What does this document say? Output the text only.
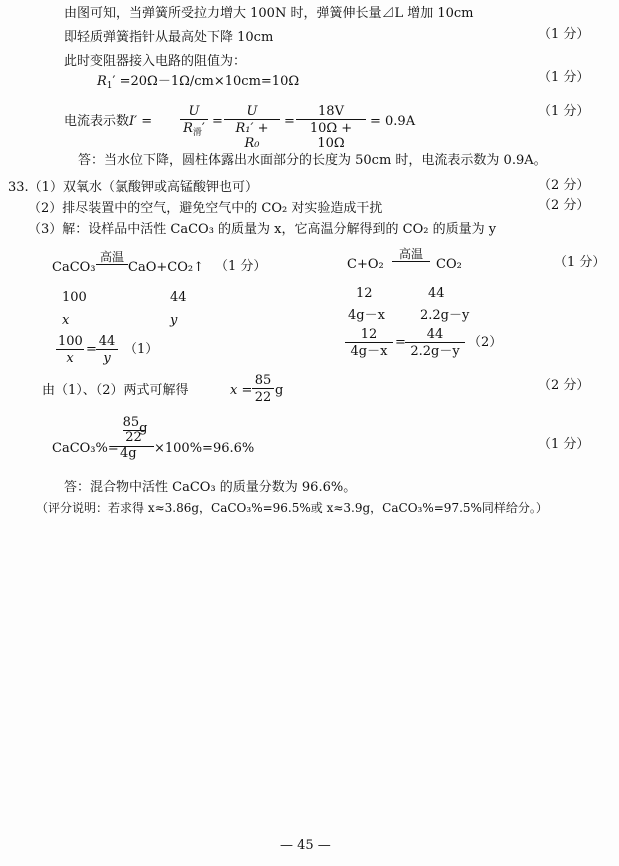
由图可知，当弹簧所受拉力增大 100N 时，弹簧伸长量⊿L 增加 10cm
即轻质弹簧指针从最高处下降 10cm	（1 分）
此时变阻器接入电路的阻值为：
$R_1' =20\Omega-1\Omega/cm\times 10cm=10\Omega$	（1 分）
电流表示数I′ =
U
$R_滑' = \frac{U}{\text{R₁′ + R₀}} = \frac{18V}{10\Omega + 10\Omega} = 0.9A$
（1 分）
答：当水位下降，圆柱体露出水面部分的长度为 50cm 时，电流表示数为 0.9A。
33.（1）双氧水（氯酸钾或高锰酸钾也可）	（2 分）
（2）排尽装置中的空气，避免空气中的 CO₂ 对实验造成干扰	（2 分）
（3）解：设样品中活性 CaCO₃ 的质量为 x，它高温分解得到的 CO₂ 的质量为 y
CaCO₃
高温
CaO+CO₂↑ （1 分）
100	44
x	y
$\frac{100}{x} = \frac{44}{y} (1)$
C+O₂
高温
CO₂	（1 分）
12	44
4g－x	2.2g－y
$\frac{12}{4g-x} = \frac{44}{2.2g-y} (2)$
由（1）、（2）两式可解得	$x = \frac{85}{22}$ g	（2 分）
CaCO₃%=
$\frac{85g}{22}$
4g	×100%=96.6%	（1 分）
答：混合物中活性 CaCO₃ 的质量分数为 96.6%。
（评分说明：若求得 x≈3.86g，CaCO₃%=96.5%或 x≈3.9g，CaCO₃%=97.5%同样给分。）
— 45 —
